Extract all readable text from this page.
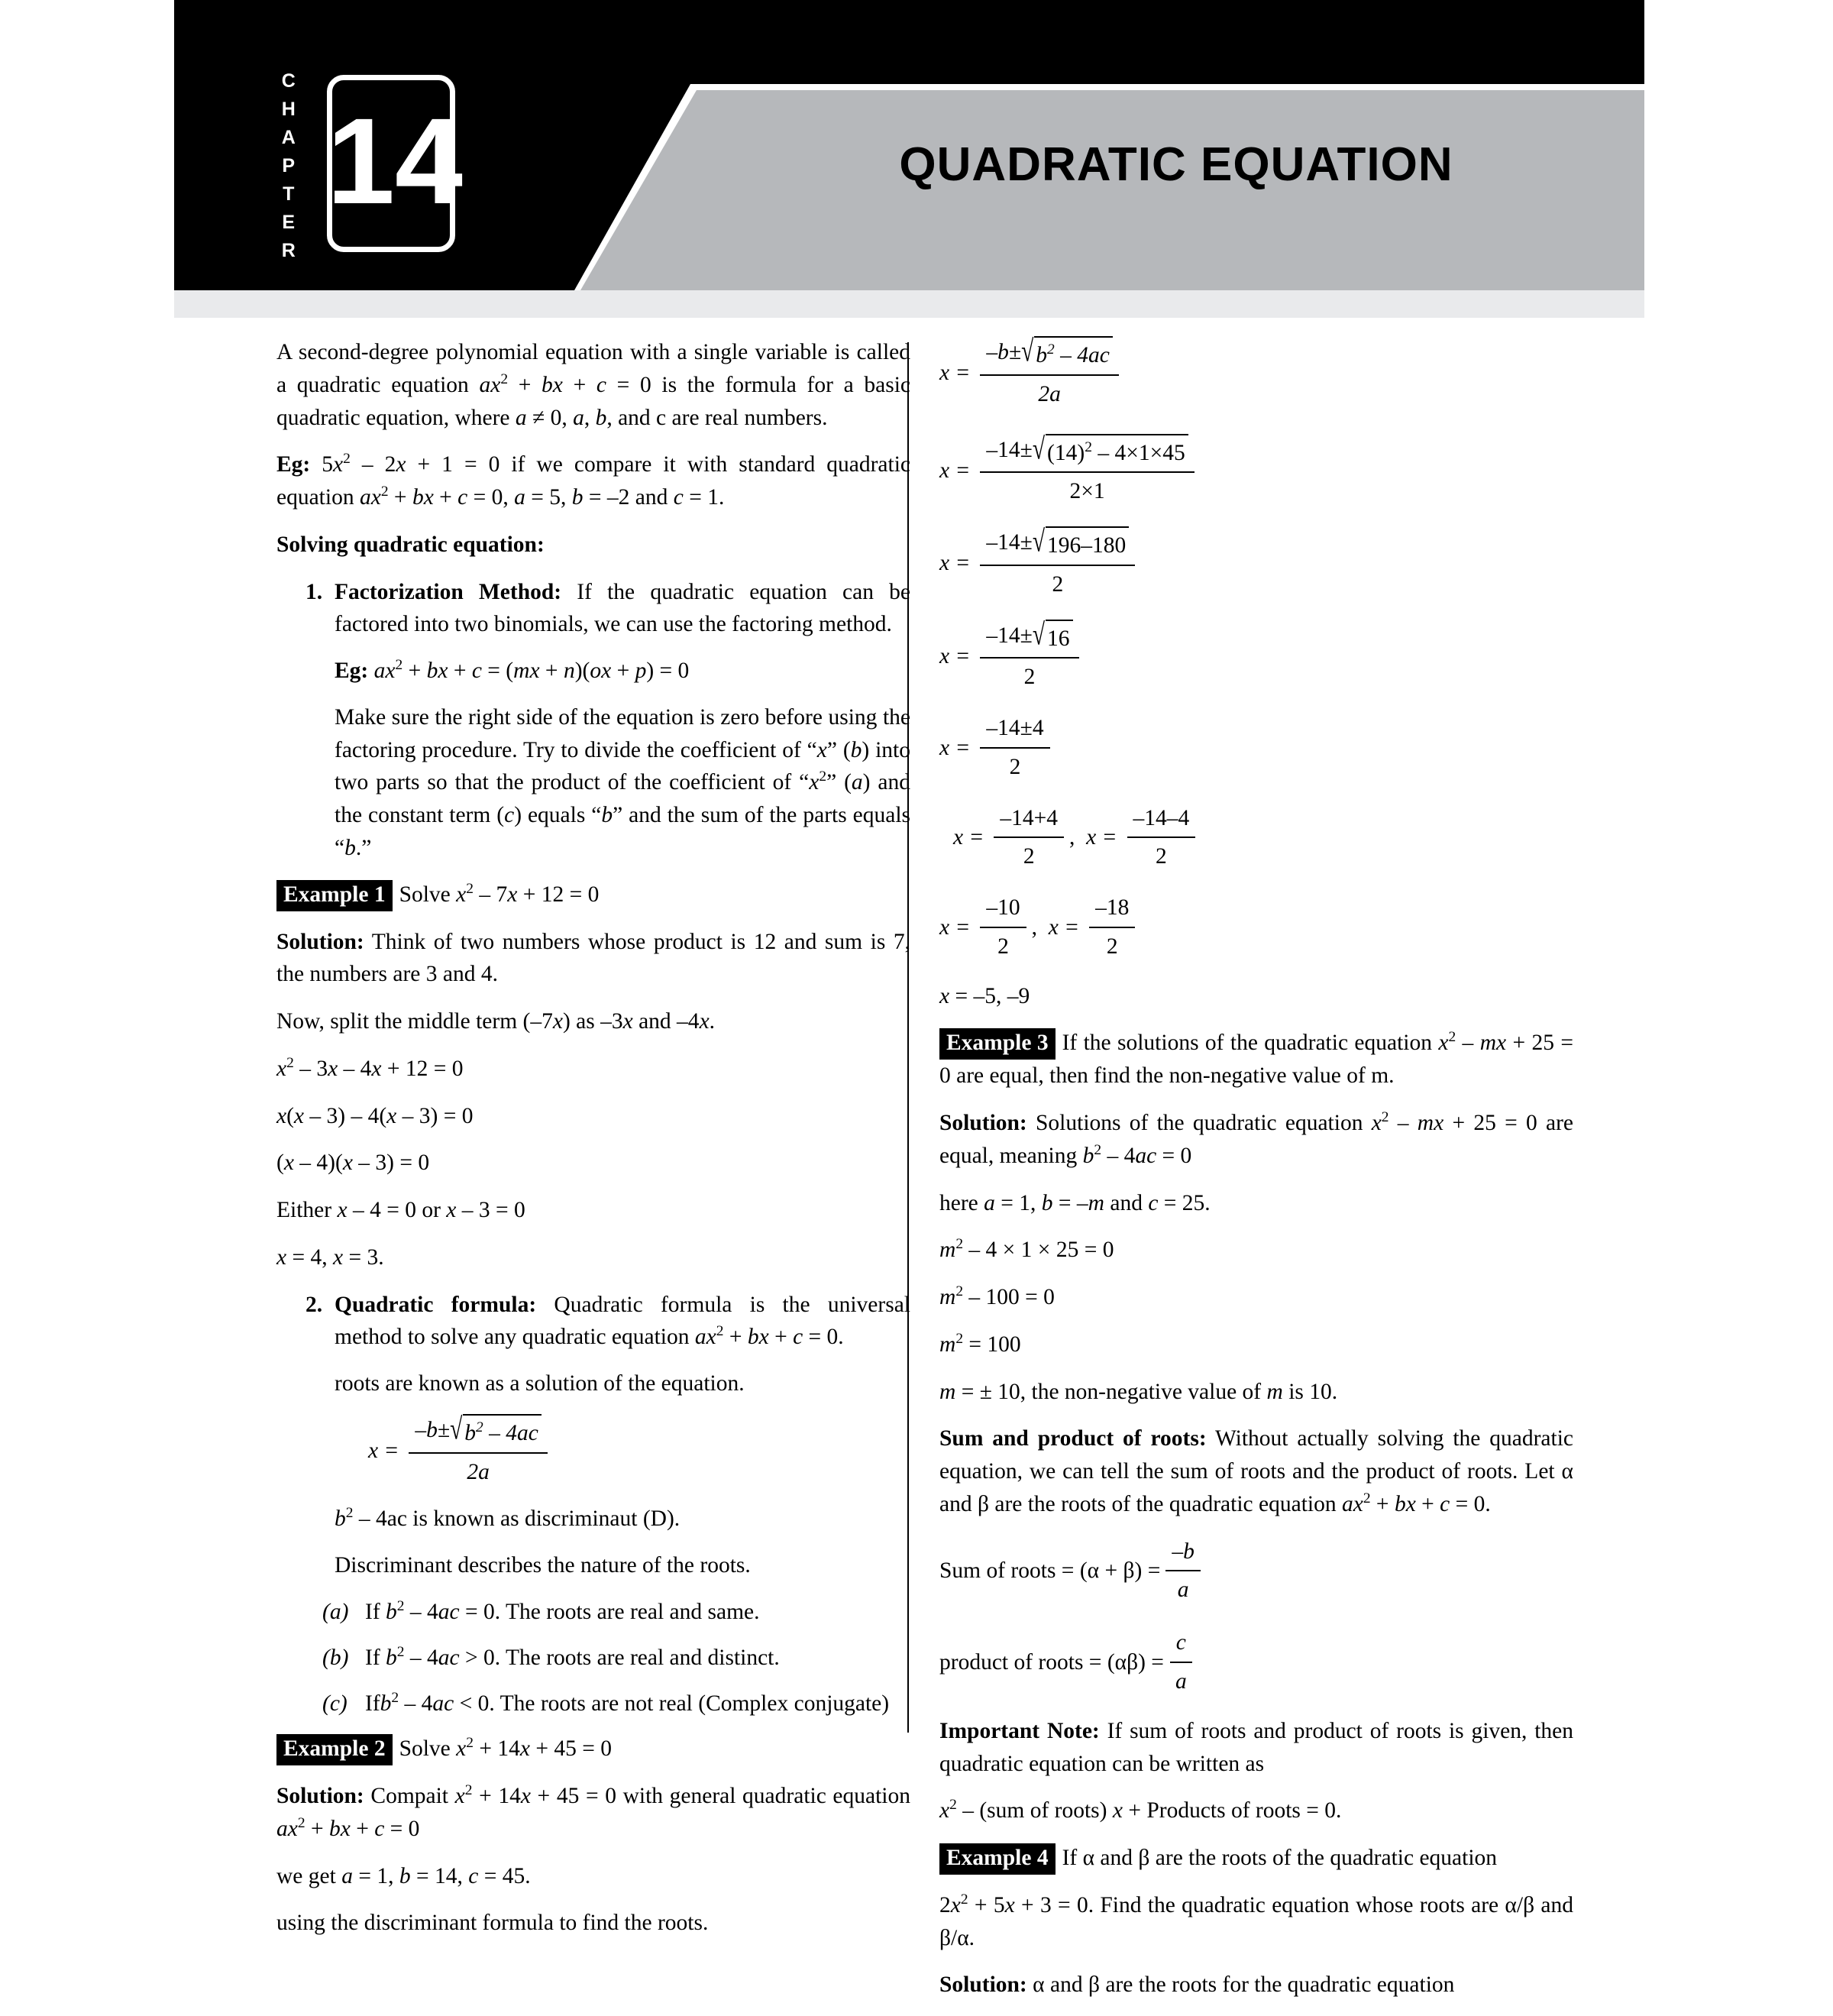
C
H
A
P
T
E
R
14	QUADRATIC EQUATION

A second-degree polynomial equation with a single variable is called a quadratic equation $ax^2$ + bx + c = 0 is the formula for a basic quadratic equation, where a ≠ 0, a, b, and c are real numbers.

Eg: $5x^2 - 2x + 1 = 0$ if we compare it with standard quadratic equation $ax^2$ + bx + c = 0, a = 5, b = –2 and c = 1.

Solving quadratic equation:

1. Factorization Method: If the quadratic equation can be factored into two binomials, we can use the factoring method.

Eg: $ax^2$ + bx + c = (mx + n)(ox + p) = 0

Make sure the right side of the equation is zero before using the factoring procedure. Try to divide the coefficient of “x” (b) into two parts so that the product of the coefficient of “$x^2$” (a) and the constant term (c) equals “b” and the sum of the parts equals “b.”

Example 1 Solve $x^2 - 7x + 12 = 0$

Solution: Think of two numbers whose product is 12 and sum is 7, the numbers are 3 and 4.

Now, split the middle term (–7x) as –3x and –4x.

$x^2 - 3x - 4x + 12 = 0$

x(x – 3) – 4(x – 3) = 0

(x – 4)(x – 3) = 0

Either x – 4 = 0 or x – 3 = 0

x = 4, x = 3.

2. Quadratic formula: Quadratic formula is the universal method to solve any quadratic equation $ax^2$ + bx + c = 0.

roots are known as a solution of the equation.

$x = \frac{-b\pm √ b^2 - 4ac}{2a}$

$b^2 - 4ac$ is known as discriminaut (D).

Discriminant describes the nature of the roots.

(a) If $b^2 - 4ac = 0$. The roots are real and same.
(b) If $b^2 - 4ac > 0$. The roots are real and distinct.
(c) Ifb$^2$ – 4ac < 0. The roots are not real (Complex conjugate)

Example 2 Solve $x^2 + 14x + 45 = 0$

Solution: Compait $x^2 + 14x + 45 = 0$ with general quadratic equation $ax^2$ + bx + c = 0

we get a = 1, b = 14, c = 45.

using the discriminant formula to find the roots.

$x = \frac{-b\pm √ b^2 - 4ac}{2a}$
$x = \frac{-14\pm √ (14)^2 - 4\times 1\times 45}{2\times 1}$
$x = \frac{-14\pm √ 196-180}{2}$
$x = \frac{-14\pm √ 16}{2}$
$x = \frac{-14\pm 4}{2}$
$x = \frac{-14+4}{2}$ , $x = \frac{-14-4}{2}$
$x = \frac{-10}{2}$ , $x = \frac{-18}{2}$

x = –5, –9

Example 3 If the solutions of the quadratic equation $x^2$ – mx + 25 = 0 are equal, then find the non-negative value of m.

Solution: Solutions of the quadratic equation $x^2$ – mx + 25 = 0 are equal, meaning $b^2 - 4ac = 0$

here a = 1, b = –m and c = 25.

$m^2 - 4 \times 1 \times 25 = 0$

$m^2 - 100 = 0$

$m^2 = 100$

m = ± 10, the non-negative value of m is 10.

Sum and product of roots: Without actually solving the quadratic equation, we can tell the sum of roots and the product of roots. Let α and β are the roots of the quadratic equation $ax^2$ + bx + c = 0.

Sum of roots = $(\alpha + \beta) = \frac{-b}{a}$
product of roots = $(\alpha\beta) = \frac{c}{a}$

Important Note: If sum of roots and product of roots is given, then quadratic equation can be written as

$x^2 - (sum$ of roots) x + Products of roots = 0.

Example 4 If α and β are the roots of the quadratic equation

$2x^2 + 5x + 3 = 0$. Find the quadratic equation whose roots are α/β and β/α.

Solution: α and β are the roots for the quadratic equation
